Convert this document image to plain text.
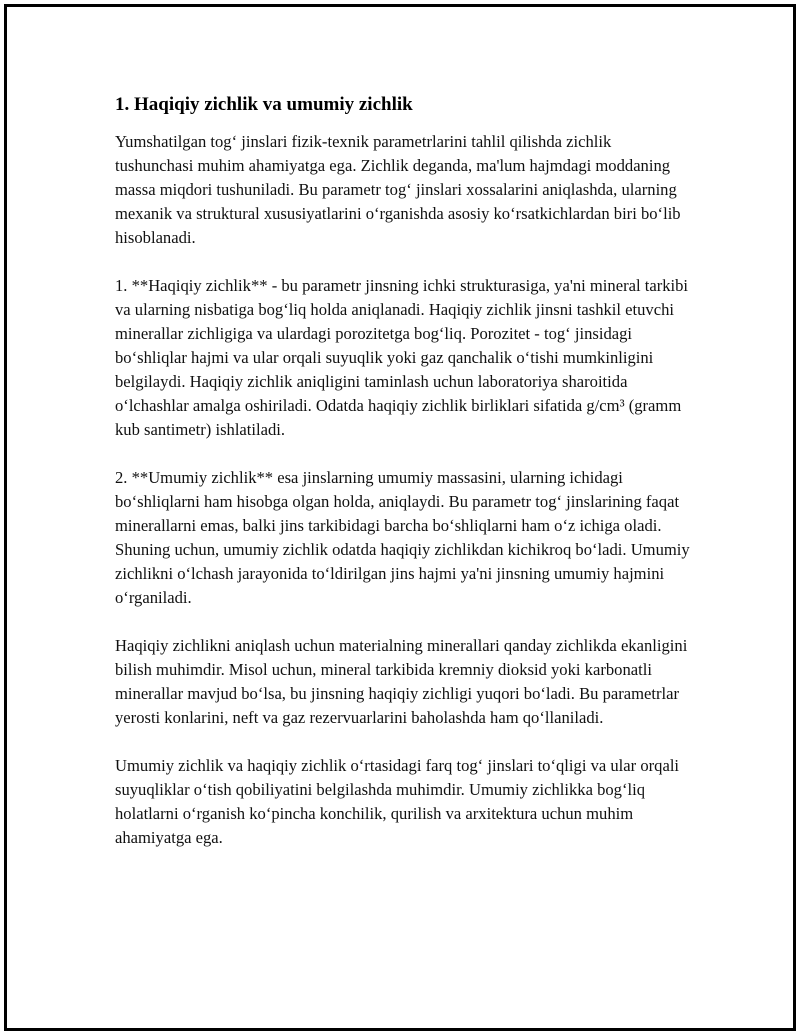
1. Haqiqiy zichlik va umumiy zichlik

Yumshatilgan tog‘ jinslari fizik-texnik parametrlarini tahlil qilishda zichlik tushunchasi muhim ahamiyatga ega. Zichlik deganda, ma'lum hajmdagi moddaning massa miqdori tushuniladi. Bu parametr tog‘ jinslari xossalarini aniqlashda, ularning mexanik va struktural xususiyatlarini o‘rganishda asosiy ko‘rsatkichlardan biri bo‘lib hisoblanadi.

1. **Haqiqiy zichlik** - bu parametr jinsning ichki strukturasiga, ya'ni mineral tarkibi va ularning nisbatiga bog‘liq holda aniqlanadi. Haqiqiy zichlik jinsni tashkil etuvchi minerallar zichligiga va ulardagi porozitetga bog‘liq. Porozitet - tog‘ jinsidagi bo‘shliqlar hajmi va ular orqali suyuqlik yoki gaz qanchalik o‘tishi mumkinligini belgilaydi. Haqiqiy zichlik aniqligini taminlash uchun laboratoriya sharoitida o‘lchashlar amalga oshiriladi. Odatda haqiqiy zichlik birliklari sifatida g/cm³ (gramm kub santimetr) ishlatiladi.

2. **Umumiy zichlik** esa jinslarning umumiy massasini, ularning ichidagi bo‘shliqlarni ham hisobga olgan holda, aniqlaydi. Bu parametr tog‘ jinslarining faqat minerallarni emas, balki jins tarkibidagi barcha bo‘shliqlarni ham o‘z ichiga oladi. Shuning uchun, umumiy zichlik odatda haqiqiy zichlikdan kichikroq bo‘ladi. Umumiy zichlikni o‘lchash jarayonida to‘ldirilgan jins hajmi ya'ni jinsning umumiy hajmini o‘rganiladi.

Haqiqiy zichlikni aniqlash uchun materialning minerallari qanday zichlikda ekanligini bilish muhimdir. Misol uchun, mineral tarkibida kremniy dioksid yoki karbonatli minerallar mavjud bo‘lsa, bu jinsning haqiqiy zichligi yuqori bo‘ladi. Bu parametrlar yerosti konlarini, neft va gaz rezervuarlarini baholashda ham qo‘llaniladi.

Umumiy zichlik va haqiqiy zichlik o‘rtasidagi farq tog‘ jinslari to‘qligi va ular orqali suyuqliklar o‘tish qobiliyatini belgilashda muhimdir. Umumiy zichlikka bog‘liq holatlarni o‘rganish ko‘pincha konchilik, qurilish va arxitektura uchun muhim ahamiyatga ega.
